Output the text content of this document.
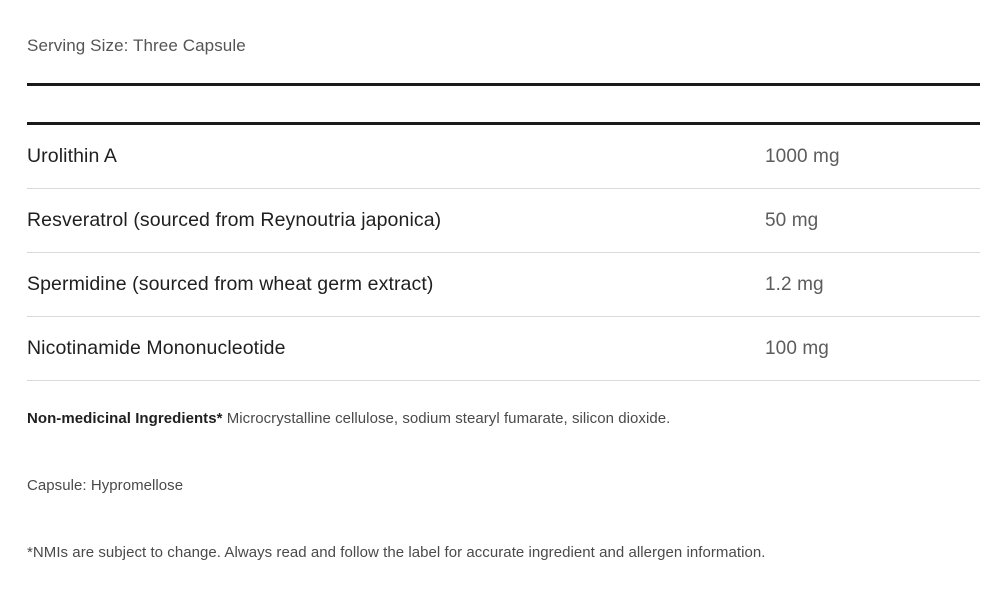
Serving Size: Three Capsule
Urolithin A	1000 mg
Resveratrol (sourced from Reynoutria japonica)	50 mg
Spermidine (sourced from wheat germ extract)	1.2 mg
Nicotinamide Mononucleotide	100 mg
Non-medicinal Ingredients* Microcrystalline cellulose, sodium stearyl fumarate, silicon dioxide.
Capsule: Hypromellose
*NMIs are subject to change. Always read and follow the label for accurate ingredient and allergen information.
